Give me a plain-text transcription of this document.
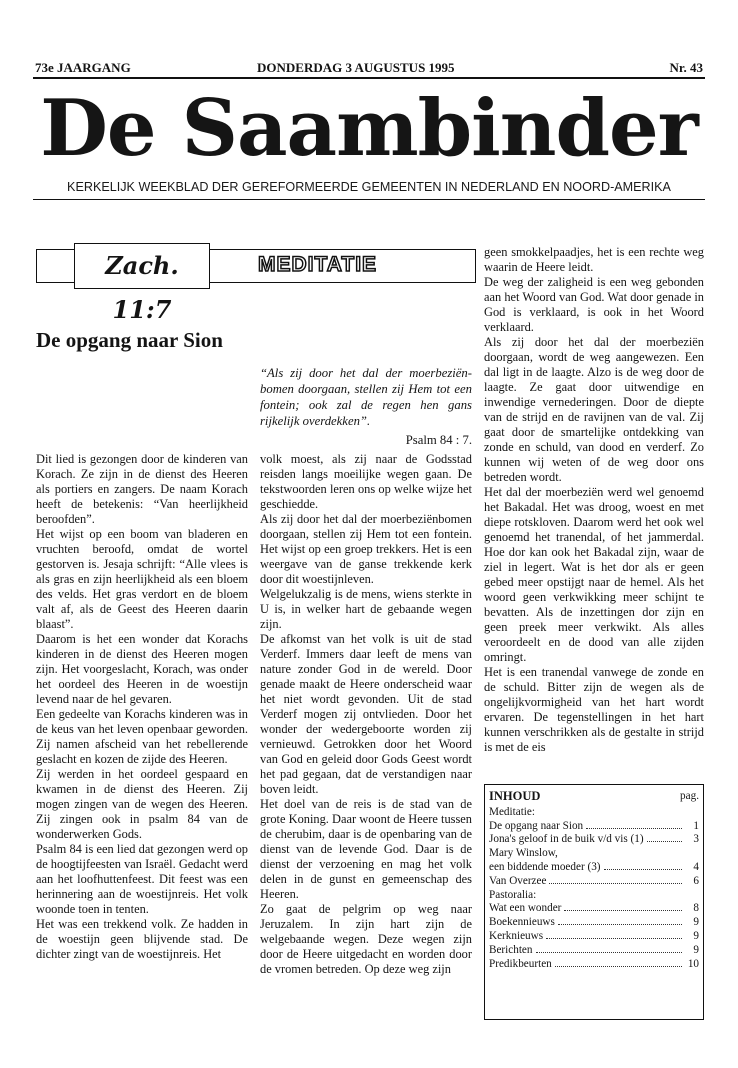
73e JAARGANG	DONDERDAG 3 AUGUSTUS 1995	Nr. 43
De Saambinder
KERKELIJK WEEKBLAD DER GEREFORMEERDE GEMEENTEN IN NEDERLAND EN NOORD-AMERIKA
Zach. 11:7
MEDITATIE
De opgang naar Sion
“Als zij door het dal der moerbeziën-bomen doorgaan, stellen zij Hem tot een fontein; ook zal de regen hen gans rijkelijk overdekken”.
Psalm 84 : 7.

Dit lied is gezongen door de kinderen van Korach. Ze zijn in de dienst des Heeren als portiers en zangers. De naam Korach heeft de betekenis: “Van heerlijkheid beroofden”.

Het wijst op een boom van bladeren en vruchten beroofd, omdat de wortel gestorven is. Jesaja schrijft: “Alle vlees is als gras en zijn heerlijkheid als een bloem des velds. Het gras verdort en de bloem valt af, als de Geest des Heeren daarin blaast”.

Daarom is het een wonder dat Korachs kinderen in de dienst des Heeren mogen zijn. Het voorgeslacht, Korach, was onder het oordeel des Heeren in de woestijn levend naar de hel gevaren.

Een gedeelte van Korachs kinderen was in de keus van het leven openbaar geworden. Zij namen afscheid van het rebellerende geslacht en kozen de zijde des Heeren.

Zij werden in het oordeel gespaard en kwamen in de dienst des Heeren. Zij mogen zingen van de wegen des Heeren. Zij zingen ook in psalm 84 van de wonderwerken Gods.

Psalm 84 is een lied dat gezongen werd op de hoogtijfeesten van Israël. Gedacht werd aan het loofhuttenfeest. Dit feest was een herinnering aan de woestijnreis. Het volk woonde toen in tenten.

Het was een trekkend volk. Ze hadden in de woestijn geen blijvende stad. De dichter zingt van de woestijnreis. Het

volk moest, als zij naar de Godsstad reisden langs moeilijke wegen gaan. De tekstwoorden leren ons op welke wijze het geschiedde.

Als zij door het dal der moerbeziënbomen doorgaan, stellen zij Hem tot een fontein. Het wijst op een groep trekkers. Het is een weergave van de ganse trekkende kerk door dit woestijnleven.

Welgelukzalig is de mens, wiens sterkte in U is, in welker hart de gebaande wegen zijn.

De afkomst van het volk is uit de stad Verderf. Immers daar leeft de mens van nature zonder God in de wereld. Door genade maakt de Heere onderscheid waar het niet wordt gevonden. Uit de stad Verderf mogen zij ontvlieden. Door het wonder der wedergeboorte worden zij vernieuwd. Getrokken door het Woord van God en geleid door Gods Geest wordt het pad gegaan, dat de verstandigen naar boven leidt.

Het doel van de reis is de stad van de grote Koning. Daar woont de Heere tussen de cherubim, daar is de openbaring van de dienst van de levende God. Daar is de dienst der verzoening en mag het volk delen in de gunst en gemeenschap des Heeren.

Zo gaat de pelgrim op weg naar Jeruzalem. In zijn hart zijn de welgebaande wegen. Deze wegen zijn door de Heere uitgedacht en worden door de vromen betreden. Op deze weg zijn

geen smokkelpaadjes, het is een rechte weg waarin de Heere leidt.

De weg der zaligheid is een weg gebonden aan het Woord van God. Wat door genade in God is verklaard, is ook in het Woord verklaard.

Als zij door het dal der moerbeziën doorgaan, wordt de weg aangewezen. Een dal ligt in de laagte. Alzo is de weg door de laagte. Ze gaat door uitwendige en inwendige vernederingen. Door de diepte van de strijd en de ravijnen van de val. Zij gaat door de smartelijke ontdekking van zonde en schuld, van dood en verderf. Zo kunnen wij weten of de weg door ons betreden wordt.

Het dal der moerbeziën werd wel genoemd het Bakadal. Het was droog, woest en met diepe rotskloven. Daarom werd het ook wel genoemd het tranendal, of het jammerdal. Hoe dor kan ook het Bakadal zijn, waar de ziel in legert. Wat is het dor als er geen gebed meer opstijgt naar de hemel. Als het woord geen verkwikking meer schijnt te bevatten. Als de inzettingen dor zijn en geen preek meer verkwikt. Als alles veroordeelt en de dood van alle zijden omringt.

Het is een tranendal vanwege de zonde en de schuld. Bitter zijn de wegen als de ongelijkvormigheid van het hart wordt ervaren. De tegenstellingen in het hart kunnen verschrikken als de gestalte in strijd is met de eis

INHOUD	pag.
Meditatie:
De opgang naar Sion	1
Jona's geloof in de buik v/d vis (1)	3
Mary Winslow,
een biddende moeder (3)	4
Van Overzee	6
Pastoralia:
Wat een wonder	8
Boekennieuws	9
Kerknieuws	9
Berichten	9
Predikbeurten	10
